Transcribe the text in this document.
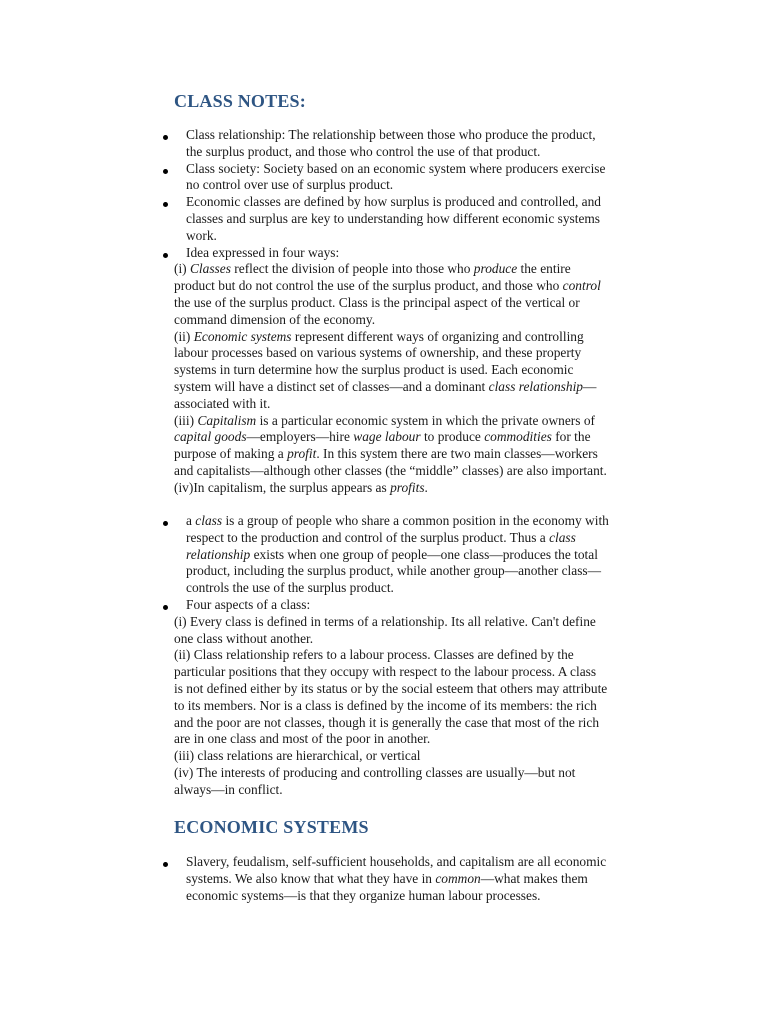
CLASS NOTES:
Class relationship: The relationship between those who produce the product,
the surplus product, and those who control the use of that product.
Class society: Society based on an economic system where producers exercise
no control over use of surplus product.
Economic classes are defined by how surplus is produced and controlled, and
classes and surplus are key to understanding how different economic systems
work.
Idea expressed in four ways:
(i) Classes reflect the division of people into those who produce the entire
product but do not control the use of the surplus product, and those who control
the use of the surplus product. Class is the principal aspect of the vertical or
command dimension of the economy.
(ii) Economic systems represent different ways of organizing and controlling
labour processes based on various systems of ownership, and these property
systems in turn determine how the surplus product is used. Each economic
system will have a distinct set of classes—and a dominant class relationship—
associated with it.
(iii) Capitalism is a particular economic system in which the private owners of
capital goods—employers—hire wage labour to produce commodities for the
purpose of making a profit. In this system there are two main classes—workers
and capitalists—although other classes (the “middle” classes) are also important.
(iv)In capitalism, the surplus appears as profits.
a class is a group of people who share a common position in the economy with
respect to the production and control of the surplus product. Thus a class
relationship exists when one group of people—one class—produces the total
product, including the surplus product, while another group—another class—
controls the use of the surplus product.
Four aspects of a class:
(i) Every class is defined in terms of a relationship. Its all relative. Can't define
one class without another.
(ii) Class relationship refers to a labour process. Classes are defined by the
particular positions that they occupy with respect to the labour process. A class
is not defined either by its status or by the social esteem that others may attribute
to its members. Nor is a class is defined by the income of its members: the rich
and the poor are not classes, though it is generally the case that most of the rich
are in one class and most of the poor in another.
(iii) class relations are hierarchical, or vertical
(iv) The interests of producing and controlling classes are usually—but not
always—in conflict.
ECONOMIC SYSTEMS
Slavery, feudalism, self-sufficient households, and capitalism are all economic
systems. We also know that what they have in common—what makes them
economic systems—is that they organize human labour processes.
